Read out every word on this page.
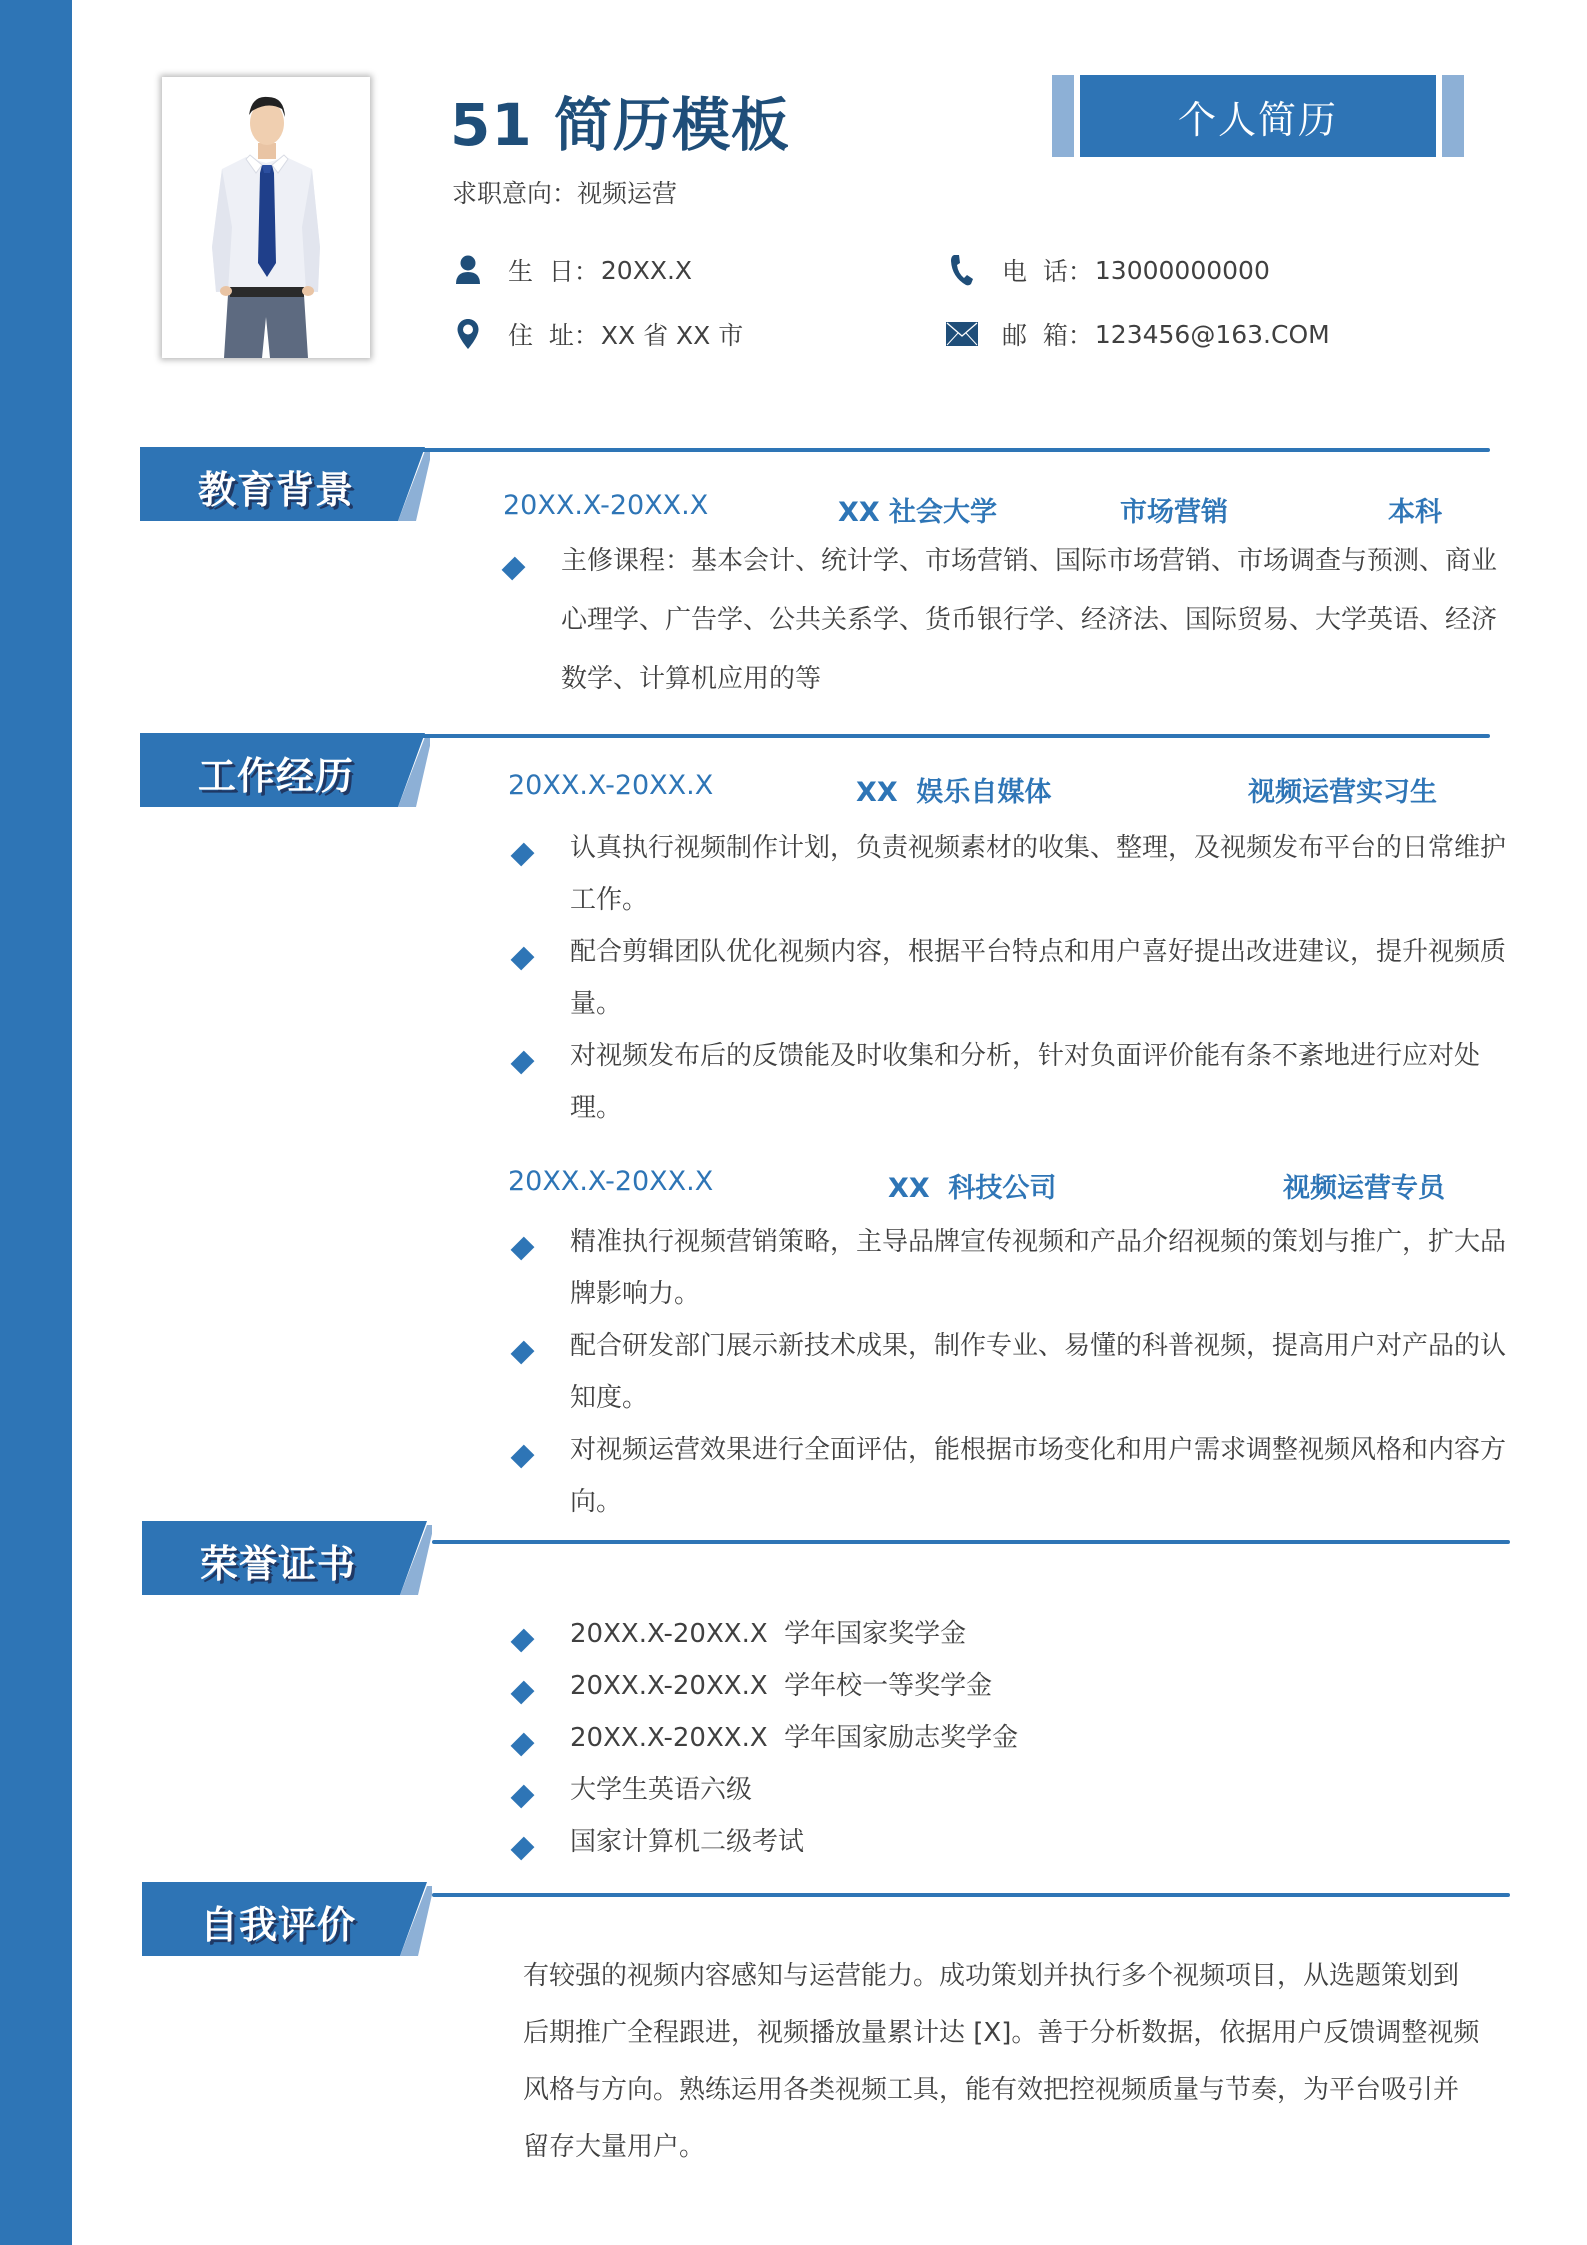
51 简历模板
求职意向：视频运营
个人简历
生  日： 20XX.X
住  址： XX 省 XX 市
电  话： 13000000000
邮  箱： 123456@163.COM
教育背景	20XX.X-20XX.X	XX 社会大学	市场营销	本科
主修课程：基本会计、统计学、市场营销、国际市场营销、市场调查与预测、商业心理学、广告学、公共关系学、货币银行学、经济法、国际贸易、大学英语、经济数学、计算机应用的等
工作经历	20XX.X-20XX.X	XX  娱乐自媒体	视频运营实习生
认真执行视频制作计划，负责视频素材的收集、整理，及视频发布平台的日常维护工作。
配合剪辑团队优化视频内容，根据平台特点和用户喜好提出改进建议，提升视频质量。
对视频发布后的反馈能及时收集和分析，针对负面评价能有条不紊地进行应对处理。
20XX.X-20XX.X	XX  科技公司	视频运营专员
精准执行视频营销策略，主导品牌宣传视频和产品介绍视频的策划与推广，扩大品牌影响力。
配合研发部门展示新技术成果，制作专业、易懂的科普视频，提高用户对产品的认知度。
对视频运营效果进行全面评估，能根据市场变化和用户需求调整视频风格和内容方向。
荣誉证书
20XX.X-20XX.X  学年国家奖学金
20XX.X-20XX.X  学年校一等奖学金
20XX.X-20XX.X  学年国家励志奖学金
大学生英语六级
国家计算机二级考试
自我评价
有较强的视频内容感知与运营能力。成功策划并执行多个视频项目，从选题策划到后期推广全程跟进，视频播放量累计达 [X]。善于分析数据，依据用户反馈调整视频风格与方向。熟练运用各类视频工具，能有效把控视频质量与节奏，为平台吸引并留存大量用户。
